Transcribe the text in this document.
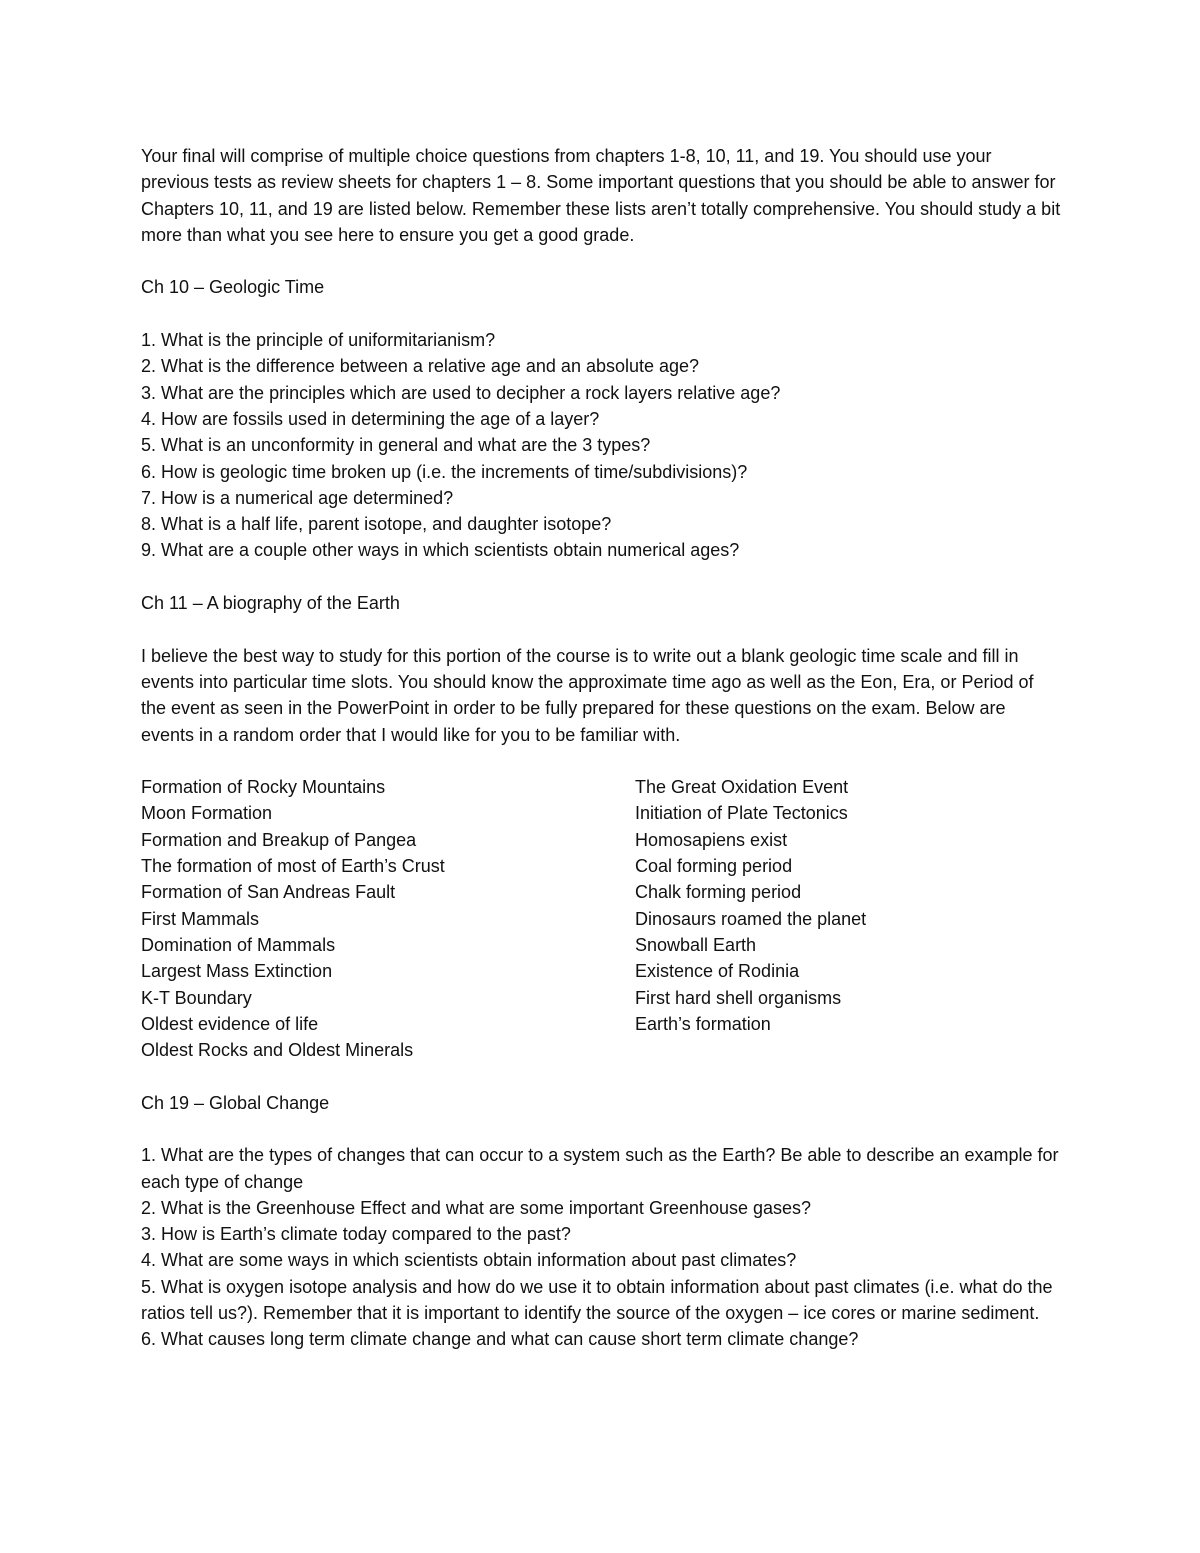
Your final will comprise of multiple choice questions from chapters 1-8, 10, 11, and 19. You should use your previous tests as review sheets for chapters 1 – 8. Some important questions that you should be able to answer for Chapters 10, 11, and 19 are listed below. Remember these lists aren’t totally comprehensive. You should study a bit more than what you see here to ensure you get a good grade.

Ch 10 – Geologic Time

1. What is the principle of uniformitarianism?
2. What is the difference between a relative age and an absolute age?
3. What are the principles which are used to decipher a rock layers relative age?
4. How are fossils used in determining the age of a layer?
5. What is an unconformity in general and what are the 3 types?
6. How is geologic time broken up (i.e. the increments of time/subdivisions)?
7. How is a numerical age determined?
8. What is a half life, parent isotope, and daughter isotope?
9. What are a couple other ways in which scientists obtain numerical ages?

Ch 11 – A biography of the Earth

I believe the best way to study for this portion of the course is to write out a blank geologic time scale and fill in events into particular time slots. You should know the approximate time ago as well as the Eon, Era, or Period of the event as seen in the PowerPoint in order to be fully prepared for these questions on the exam. Below are events in a random order that I would like for you to be familiar with.

Formation of Rocky Mountains
Moon Formation
Formation and Breakup of Pangea
The formation of most of Earth’s Crust
Formation of San Andreas Fault
First Mammals
Domination of Mammals
Largest Mass Extinction
K-T Boundary
Oldest evidence of life
Oldest Rocks and Oldest Minerals
The Great Oxidation Event
Initiation of Plate Tectonics
Homosapiens exist
Coal forming period
Chalk forming period
Dinosaurs roamed the planet
Snowball Earth
Existence of Rodinia
First hard shell organisms
Earth’s formation

Ch 19 – Global Change

1. What are the types of changes that can occur to a system such as the Earth? Be able to describe an example for each type of change
2. What is the Greenhouse Effect and what are some important Greenhouse gases?
3. How is Earth’s climate today compared to the past?
4. What are some ways in which scientists obtain information about past climates?
5. What is oxygen isotope analysis and how do we use it to obtain information about past climates (i.e. what do the ratios tell us?). Remember that it is important to identify the source of the oxygen – ice cores or marine sediment.
6. What causes long term climate change and what can cause short term climate change?
